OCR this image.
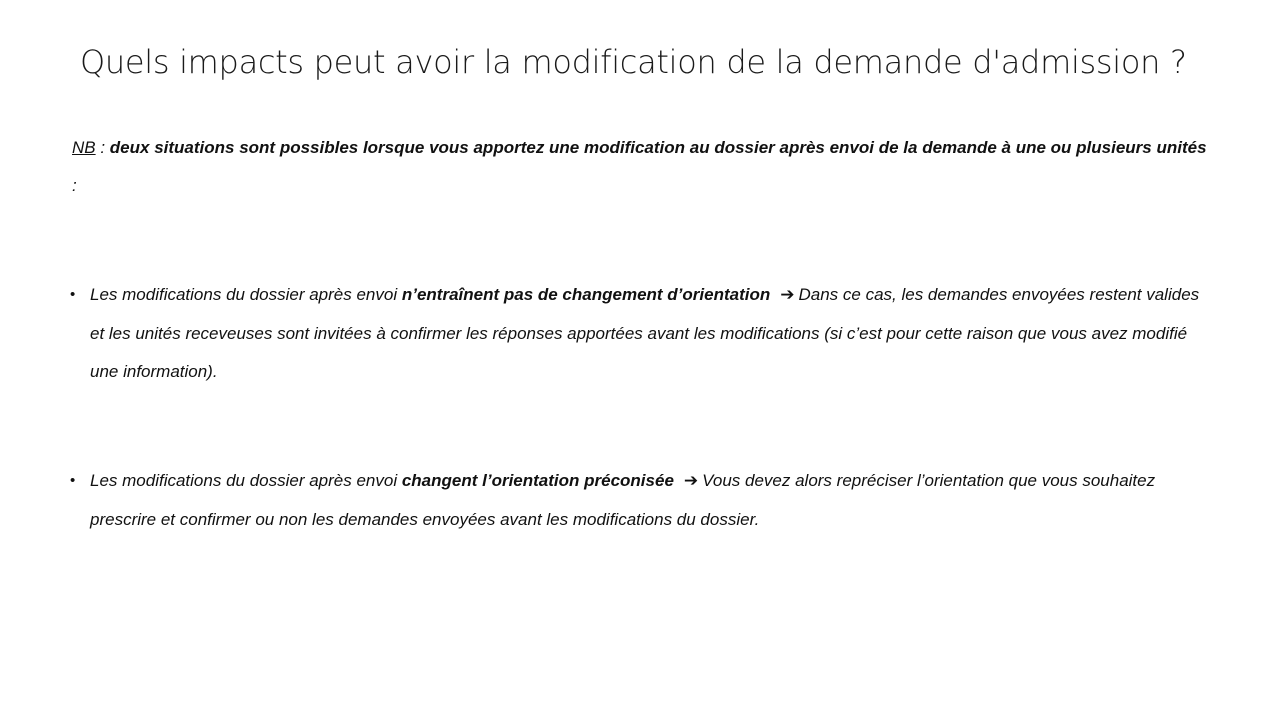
Quels impacts peut avoir la modification de la demande d'admission ?
NB : deux situations sont possibles lorsque vous apportez une modification au dossier après envoi de la demande à une ou plusieurs unités :
• Les modifications du dossier après envoi n’entraînent pas de changement d’orientation ➔ Dans ce cas, les demandes envoyées restent valides et les unités receveuses sont invitées à confirmer les réponses apportées avant les modifications (si c’est pour cette raison que vous avez modifié une information).
• Les modifications du dossier après envoi changent l’orientation préconisée ➔ Vous devez alors repréciser l’orientation que vous souhaitez prescrire et confirmer ou non les demandes envoyées avant les modifications du dossier.
